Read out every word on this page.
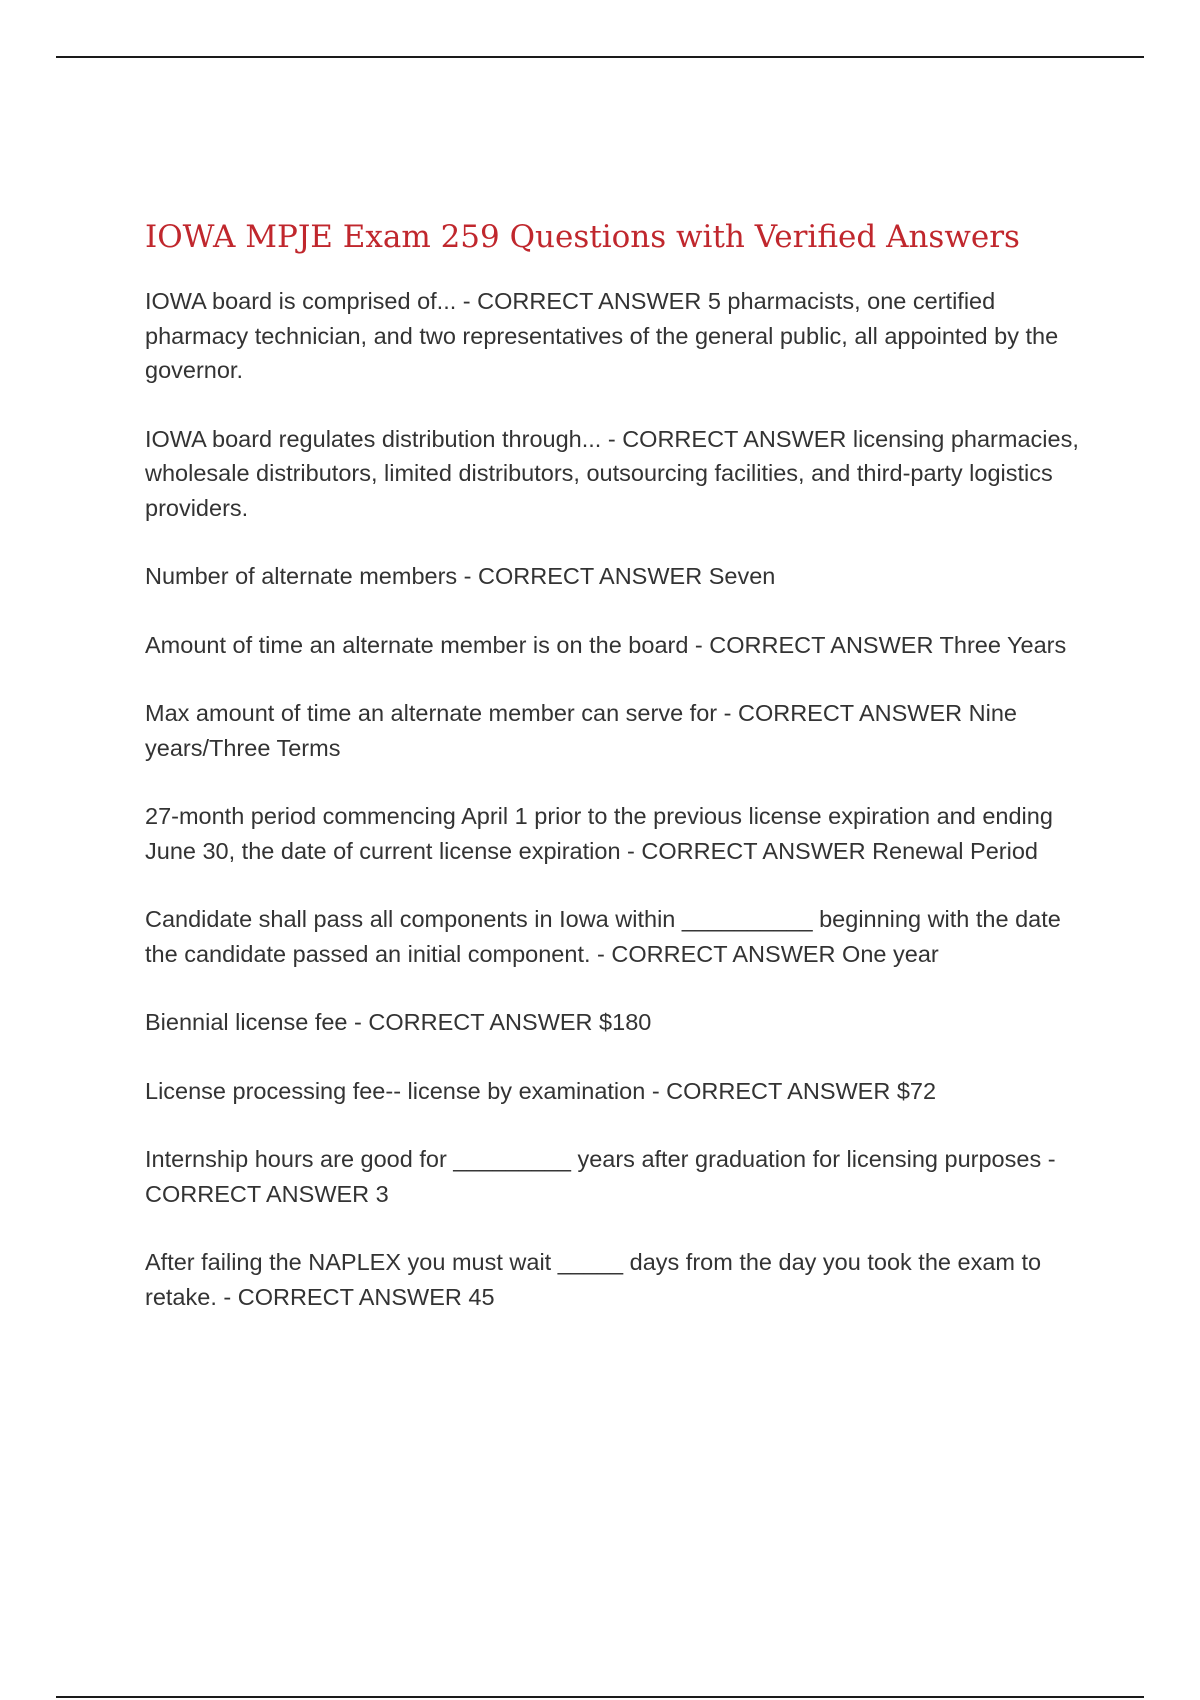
IOWA MPJE Exam 259 Questions with Verified Answers

IOWA board is comprised of... - CORRECT ANSWER 5 pharmacists, one certified pharmacy technician, and two representatives of the general public, all appointed by the governor.

IOWA board regulates distribution through... - CORRECT ANSWER licensing pharmacies, wholesale distributors, limited distributors, outsourcing facilities, and third-party logistics providers.

Number of alternate members - CORRECT ANSWER Seven

Amount of time an alternate member is on the board - CORRECT ANSWER Three Years

Max amount of time an alternate member can serve for - CORRECT ANSWER Nine years/Three Terms

27-month period commencing April 1 prior to the previous license expiration and ending June 30, the date of current license expiration - CORRECT ANSWER Renewal Period

Candidate shall pass all components in Iowa within __________ beginning with the date the candidate passed an initial component. - CORRECT ANSWER One year

Biennial license fee - CORRECT ANSWER $180

License processing fee-- license by examination - CORRECT ANSWER $72

Internship hours are good for _________ years after graduation for licensing purposes - CORRECT ANSWER 3

After failing the NAPLEX you must wait _____ days from the day you took the exam to retake. - CORRECT ANSWER 45
